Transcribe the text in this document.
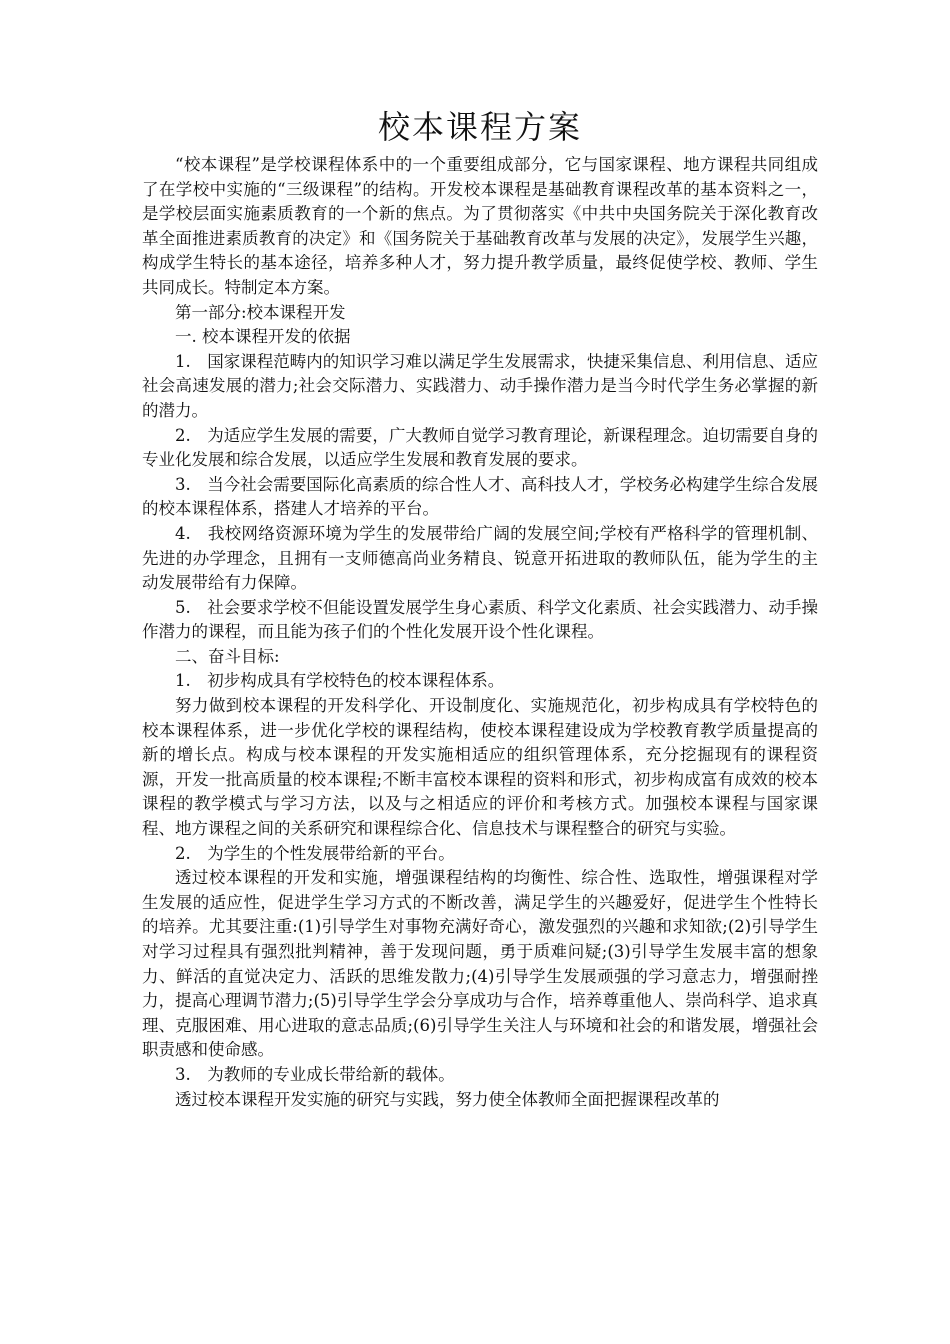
校本课程方案

“校本课程”是学校课程体系中的一个重要组成部分，它与国家课程、地方课程共同组成了在学校中实施的“三级课程”的结构。开发校本课程是基础教育课程改革的基本资料之一，是学校层面实施素质教育的一个新的焦点。为了贯彻落实《中共中央国务院关于深化教育改革全面推进素质教育的决定》和《国务院关于基础教育改革与发展的决定》，发展学生兴趣，构成学生特长的基本途径，培养多种人才，努力提升教学质量，最终促使学校、教师、学生共同成长。特制定本方案。

第一部分:校本课程开发

一. 校本课程开发的依据

1.　国家课程范畴内的知识学习难以满足学生发展需求，快捷采集信息、利用信息、适应社会高速发展的潜力;社会交际潜力、实践潜力、动手操作潜力是当今时代学生务必掌握的新的潜力。

2.　为适应学生发展的需要，广大教师自觉学习教育理论，新课程理念。迫切需要自身的专业化发展和综合发展，以适应学生发展和教育发展的要求。

3.　当今社会需要国际化高素质的综合性人才、高科技人才，学校务必构建学生综合发展的校本课程体系，搭建人才培养的平台。

4.　我校网络资源环境为学生的发展带给广阔的发展空间;学校有严格科学的管理机制、先进的办学理念，且拥有一支师德高尚业务精良、锐意开拓进取的教师队伍，能为学生的主动发展带给有力保障。

5.　社会要求学校不但能设置发展学生身心素质、科学文化素质、社会实践潜力、动手操作潜力的课程，而且能为孩子们的个性化发展开设个性化课程。

二、奋斗目标:

1.　初步构成具有学校特色的校本课程体系。

努力做到校本课程的开发科学化、开设制度化、实施规范化，初步构成具有学校特色的校本课程体系，进一步优化学校的课程结构，使校本课程建设成为学校教育教学质量提高的新的增长点。构成与校本课程的开发实施相适应的组织管理体系，充分挖掘现有的课程资源，开发一批高质量的校本课程;不断丰富校本课程的资料和形式，初步构成富有成效的校本课程的教学模式与学习方法，以及与之相适应的评价和考核方式。加强校本课程与国家课程、地方课程之间的关系研究和课程综合化、信息技术与课程整合的研究与实验。

2.　为学生的个性发展带给新的平台。

透过校本课程的开发和实施，增强课程结构的均衡性、综合性、选取性，增强课程对学生发展的适应性，促进学生学习方式的不断改善，满足学生的兴趣爱好，促进学生个性特长的培养。尤其要注重:(1)引导学生对事物充满好奇心，激发强烈的兴趣和求知欲;(2)引导学生对学习过程具有强烈批判精神，善于发现问题，勇于质难问疑;(3)引导学生发展丰富的想象力、鲜活的直觉决定力、活跃的思维发散力;(4)引导学生发展顽强的学习意志力，增强耐挫力，提高心理调节潜力;(5)引导学生学会分享成功与合作，培养尊重他人、崇尚科学、追求真理、克服困难、用心进取的意志品质;(6)引导学生关注人与环境和社会的和谐发展，增强社会职责感和使命感。

3.　为教师的专业成长带给新的载体。

透过校本课程开发实施的研究与实践，努力使全体教师全面把握课程改革的
